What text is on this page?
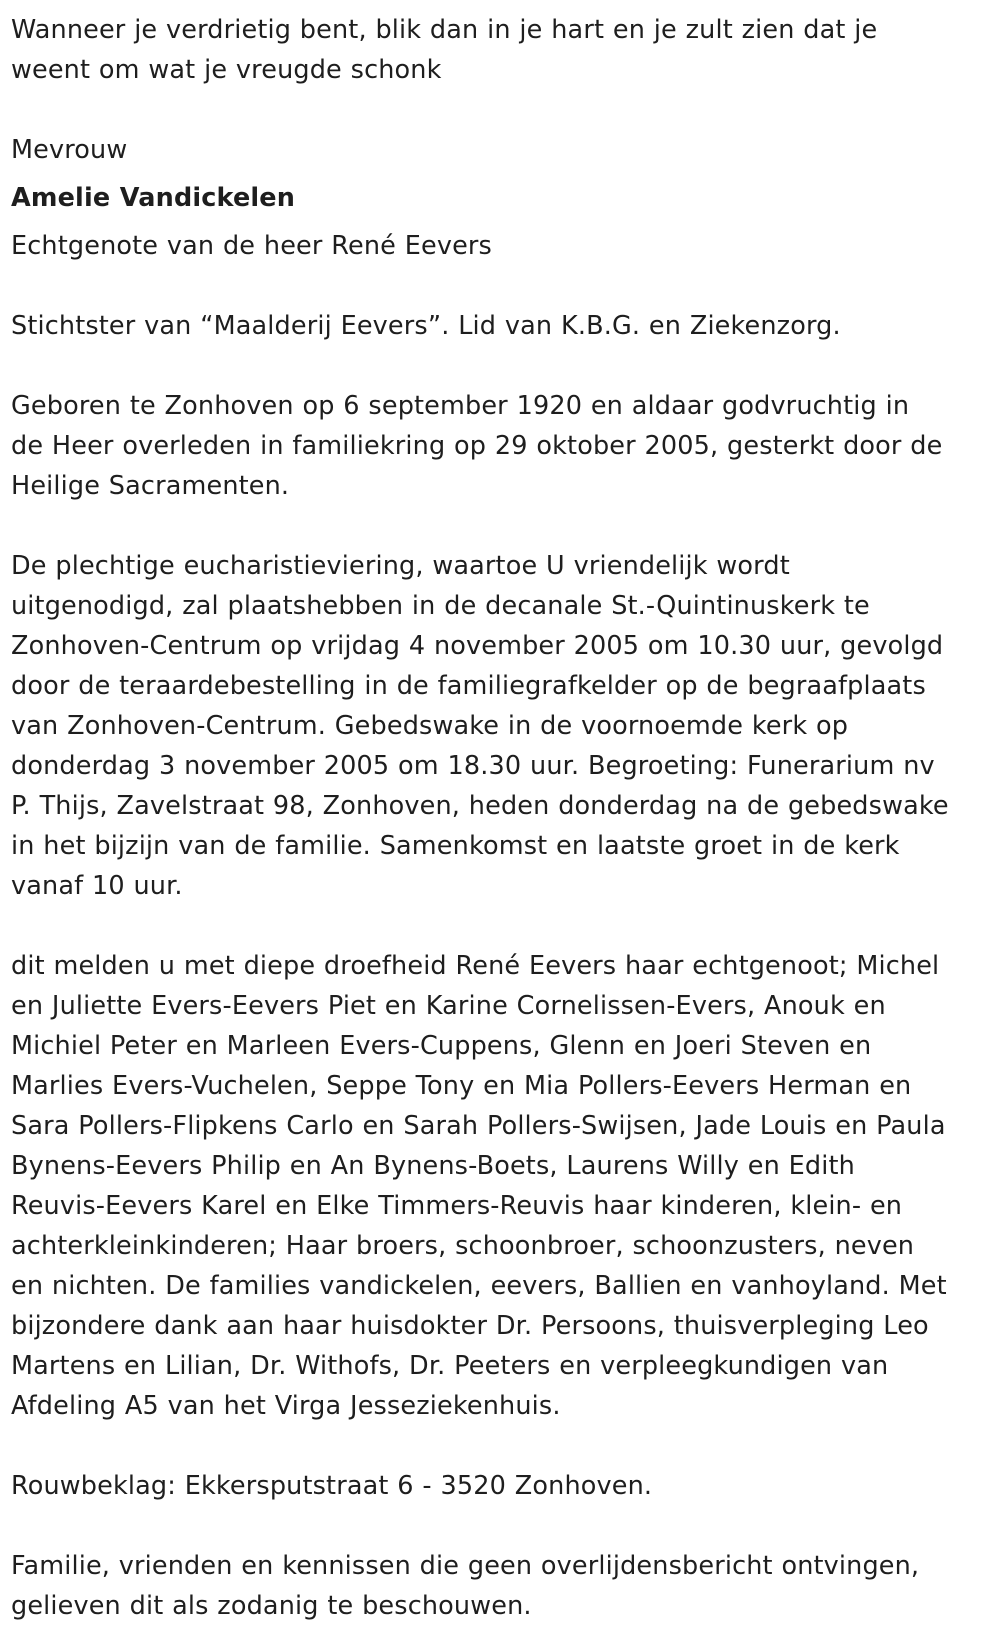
Wanneer je verdrietig bent, blik dan in je hart en je zult zien dat je weent om wat je vreugde schonk

Mevrouw

Amelie Vandickelen

Echtgenote van de heer René Eevers

Stichtster van “Maalderij Eevers”. Lid van K.B.G. en Ziekenzorg.

Geboren te Zonhoven op 6 september 1920 en aldaar godvruchtig in de Heer overleden in familiekring op 29 oktober 2005, gesterkt door de Heilige Sacramenten.

De plechtige eucharistieviering, waartoe U vriendelijk wordt uitgenodigd, zal plaatshebben in de decanale St.-Quintinuskerk te Zonhoven-Centrum op vrijdag 4 november 2005 om 10.30 uur, gevolgd door de teraardebestelling in de familiegrafkelder op de begraafplaats van Zonhoven-Centrum. Gebedswake in de voornoemde kerk op donderdag 3 november 2005 om 18.30 uur. Begroeting: Funerarium nv P. Thijs, Zavelstraat 98, Zonhoven, heden donderdag na de gebedswake in het bijzijn van de familie. Samenkomst en laatste groet in de kerk vanaf 10 uur.

dit melden u met diepe droefheid René Eevers haar echtgenoot; Michel en Juliette Evers-Eevers Piet en Karine Cornelissen-Evers, Anouk en Michiel Peter en Marleen Evers-Cuppens, Glenn en Joeri Steven en Marlies Evers-Vuchelen, Seppe Tony en Mia Pollers-Eevers Herman en Sara Pollers-Flipkens Carlo en Sarah Pollers-Swijsen, Jade Louis en Paula Bynens-Eevers Philip en An Bynens-Boets, Laurens Willy en Edith Reuvis-Eevers Karel en Elke Timmers-Reuvis haar kinderen, klein- en achterkleinkinderen; Haar broers, schoonbroer, schoonzusters, neven en nichten. De families vandickelen, eevers, Ballien en vanhoyland. Met bijzondere dank aan haar huisdokter Dr. Persoons, thuisverpleging Leo Martens en Lilian, Dr. Withofs, Dr. Peeters en verpleegkundigen van Afdeling A5 van het Virga Jesseziekenhuis.

Rouwbeklag: Ekkersputstraat 6 - 3520 Zonhoven.

Familie, vrienden en kennissen die geen overlijdensbericht ontvingen, gelieven dit als zodanig te beschouwen.
